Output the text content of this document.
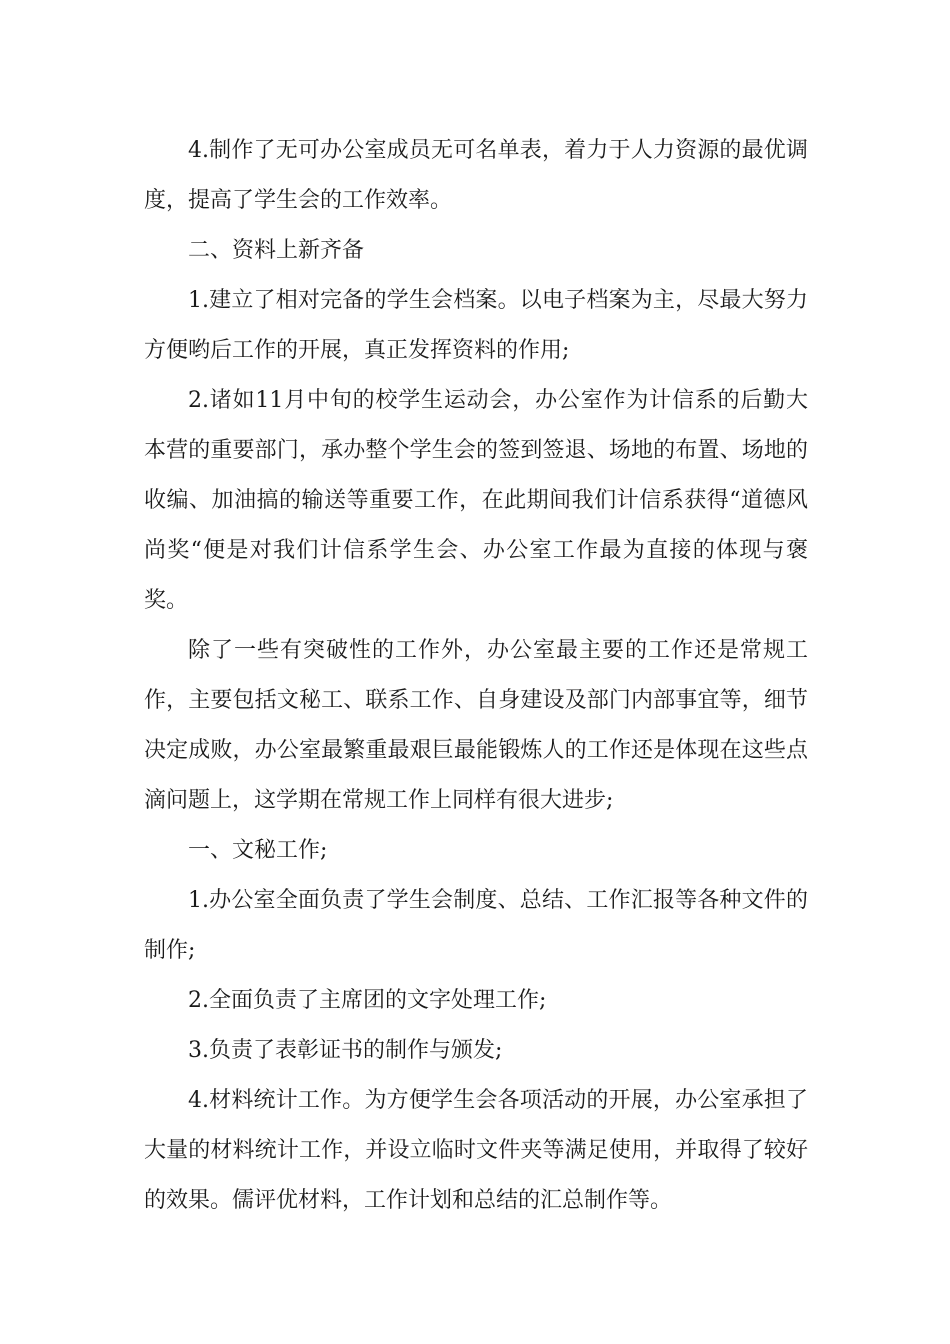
4.制作了无可办公室成员无可名单表，着力于人力资源的最优调度，提高了学生会的工作效率。

二、资料上新齐备

1.建立了相对完备的学生会档案。以电子档案为主，尽最大努力方便哟后工作的开展，真正发挥资料的作用;

2.诸如11月中旬的校学生运动会，办公室作为计信系的后勤大本营的重要部门，承办整个学生会的签到签退、场地的布置、场地的收编、加油搞的输送等重要工作，在此期间我们计信系获得“道德风尚奖“便是对我们计信系学生会、办公室工作最为直接的体现与褒奖。

除了一些有突破性的工作外，办公室最主要的工作还是常规工作，主要包括文秘工、联系工作、自身建设及部门内部事宜等，细节决定成败，办公室最繁重最艰巨最能锻炼人的工作还是体现在这些点滴问题上，这学期在常规工作上同样有很大进步;

一、文秘工作;

1.办公室全面负责了学生会制度、总结、工作汇报等各种文件的制作;

2.全面负责了主席团的文字处理工作;

3.负责了表彰证书的制作与颁发;

4.材料统计工作。为方便学生会各项活动的开展，办公室承担了大量的材料统计工作，并设立临时文件夹等满足使用，并取得了较好的效果。儒评优材料，工作计划和总结的汇总制作等。
